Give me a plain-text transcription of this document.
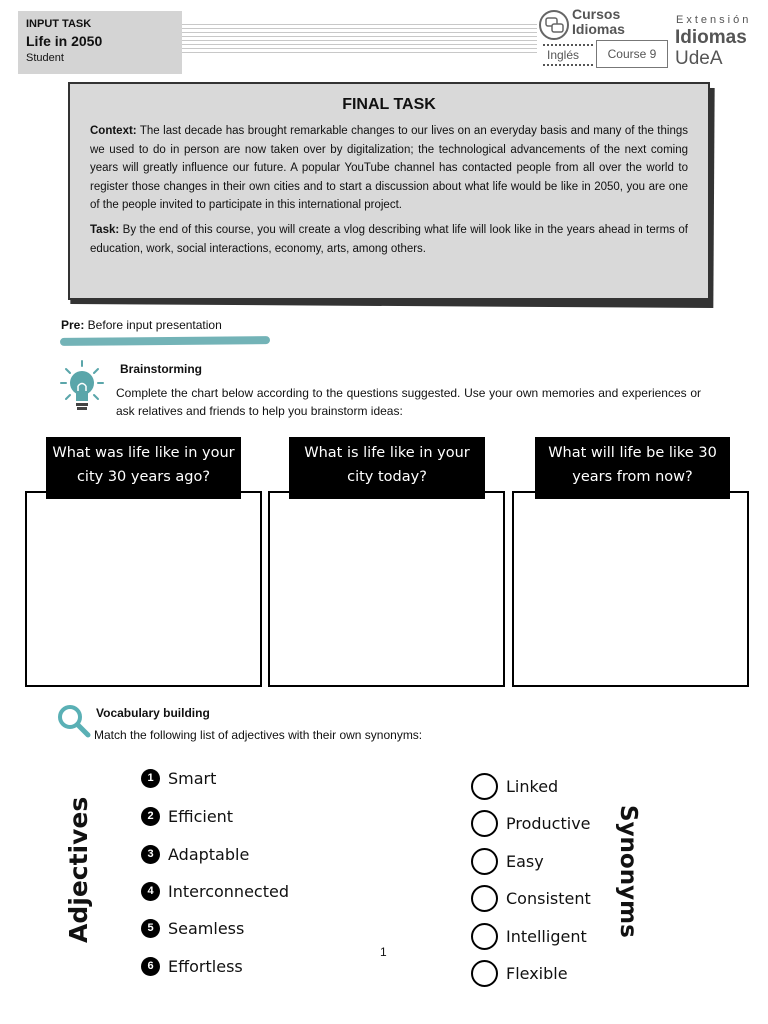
INPUT TASK
Life in 2050
Student
Cursos
Idiomas
Inglés	Course 9
Extensión
Idiomas
UdeA
FINAL TASK

Context: The last decade has brought remarkable changes to our lives on an everyday basis and many of the things we used to do in person are now taken over by digitalization; the technological advancements of the next coming years will greatly influence our future. A popular YouTube channel has contacted people from all over the world to register those changes in their own cities and to start a discussion about what life would be like in 2050, you are one of the people invited to participate in this international project.

Task: By the end of this course, you will create a vlog describing what life will look like in the years ahead in terms of education, work, social interactions, economy, arts, among others.

Pre: Before input presentation
Brainstorming
Complete the chart below according to the questions suggested. Use your own memories and experiences or ask relatives and friends to help you brainstorm ideas:
What was life like in your city 30 years ago?
What is life like in your city today?
What will life be like 30 years from now?
Vocabulary building
Match the following list of adjectives with their own synonyms:
Adjectives	Synonyms
1 Smart
2 Efficient
3 Adaptable
4 Interconnected
5 Seamless
6 Effortless
Linked
Productive
Easy
Consistent
Intelligent
Flexible
1
